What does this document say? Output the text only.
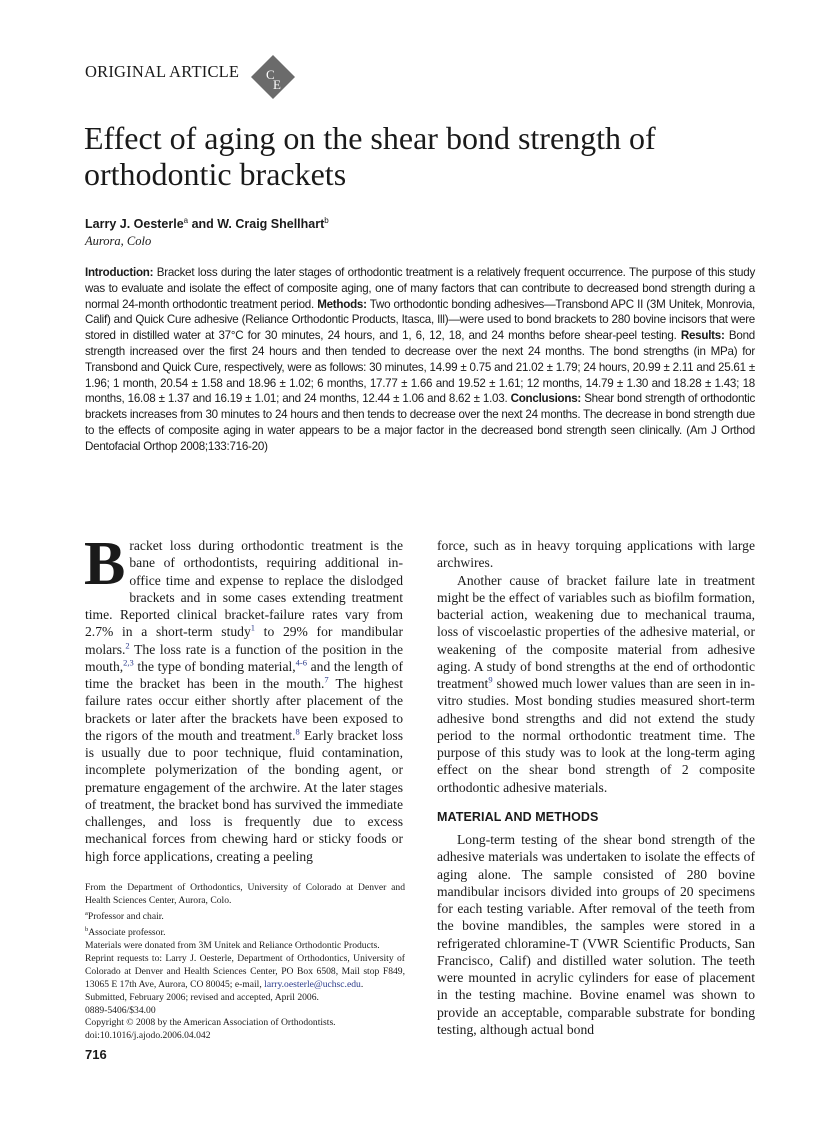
ORIGINAL ARTICLE C
E
Effect of aging on the shear bond strength of orthodontic brackets
Larry J. Oesterle$^a$ and W. Craig Shellhart$^b$
Aurora, Colo
Introduction: Bracket loss during the later stages of orthodontic treatment is a relatively frequent occurrence. The purpose of this study was to evaluate and isolate the effect of composite aging, one of many factors that can contribute to decreased bond strength during a normal 24-month orthodontic treatment period. Methods: Two orthodontic bonding adhesives—Transbond APC II (3M Unitek, Monrovia, Calif) and Quick Cure adhesive (Reliance Orthodontic Products, Itasca, Ill)—were used to bond brackets to 280 bovine incisors that were stored in distilled water at 37°C for 30 minutes, 24 hours, and 1, 6, 12, 18, and 24 months before shear-peel testing. Results: Bond strength increased over the first 24 hours and then tended to decrease over the next 24 months. The bond strengths (in MPa) for Transbond and Quick Cure, respectively, were as follows: 30 minutes, 14.99 ± 0.75 and 21.02 ± 1.79; 24 hours, 20.99 ± 2.11 and 25.61 ± 1.96; 1 month, 20.54 ± 1.58 and 18.96 ± 1.02; 6 months, 17.77 ± 1.66 and 19.52 ± 1.61; 12 months, 14.79 ± 1.30 and 18.28 ± 1.43; 18 months, 16.08 ± 1.37 and 16.19 ± 1.01; and 24 months, 12.44 ± 1.06 and 8.62 ± 1.03. Conclusions: Shear bond strength of orthodontic brackets increases from 30 minutes to 24 hours and then tends to decrease over the next 24 months. The decrease in bond strength due to the effects of composite aging in water appears to be a major factor in the decreased bond strength seen clinically. (Am J Orthod Dentofacial Orthop 2008;133:716-20)

Bracket loss during orthodontic treatment is the bane of orthodontists, requiring additional in-office time and expense to replace the dislodged brackets and in some cases extending treatment time. Reported clinical bracket-failure rates vary from 2.7% in a short-term study$^1$ to 29% for mandibular molars.$^2$ The loss rate is a function of the position in the mouth,$^{2,3}$ the type of bonding material,$^{4-6}$ and the length of time the bracket has been in the mouth.$^7$ The highest failure rates occur either shortly after placement of the brackets or later after the brackets have been exposed to the rigors of the mouth and treatment.$^8$ Early bracket loss is usually due to poor technique, fluid contamination, incomplete polymerization of the bonding agent, or premature engagement of the archwire. At the later stages of treatment, the bracket bond has survived the immediate challenges, and loss is frequently due to excess mechanical forces from chewing hard or sticky foods or high force applications, creating a peeling

force, such as in heavy torquing applications with large archwires.

Another cause of bracket failure late in treatment might be the effect of variables such as biofilm formation, bacterial action, weakening due to mechanical trauma, loss of viscoelastic properties of the adhesive material, or weakening of the composite material from adhesive aging. A study of bond strengths at the end of orthodontic treatment$^9$ showed much lower values than are seen in in-vitro studies. Most bonding studies measured short-term adhesive bond strengths and did not extend the study period to the normal orthodontic treatment time. The purpose of this study was to look at the long-term aging effect on the shear bond strength of 2 composite orthodontic adhesive materials.

MATERIAL AND METHODS

Long-term testing of the shear bond strength of the adhesive materials was undertaken to isolate the effects of aging alone. The sample consisted of 280 bovine mandibular incisors divided into groups of 20 specimens for each testing variable. After removal of the teeth from the bovine mandibles, the samples were stored in a refrigerated chloramine-T (VWR Scientific Products, San Francisco, Calif) and distilled water solution. The teeth were mounted in acrylic cylinders for ease of placement in the testing machine. Bovine enamel was shown to provide an acceptable, comparable substrate for bonding testing, although actual bond

From the Department of Orthodontics, University of Colorado at Denver and Health Sciences Center, Aurora, Colo.
$^a$Professor and chair.
$^b$Associate professor.
Materials were donated from 3M Unitek and Reliance Orthodontic Products.
Reprint requests to: Larry J. Oesterle, Department of Orthodontics, University of Colorado at Denver and Health Sciences Center, PO Box 6508, Mail stop F849, 13065 E 17th Ave, Aurora, CO 80045; e-mail, larry.oesterle@uchsc.edu.
Submitted, February 2006; revised and accepted, April 2006.
0889-5406/$34.00
Copyright © 2008 by the American Association of Orthodontists.
doi:10.1016/j.ajodo.2006.04.042
716
